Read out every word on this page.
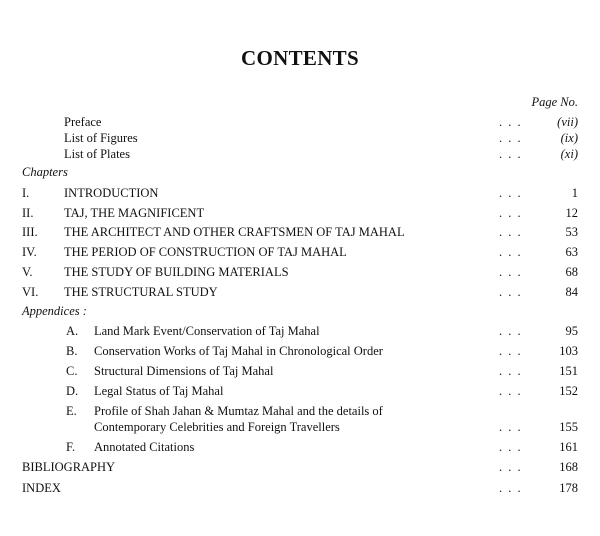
CONTENTS
Page No.
Preface	. . .	(vii)
List of Figures	. . .	(ix)
List of Plates	. . .	(xi)
Chapters
I.	INTRODUCTION	. . .	1
II. TAJ, THE MAGNIFICENT	. . .	12
III. THE ARCHITECT AND OTHER CRAFTSMEN OF TAJ MAHAL	. . .	53
IV. THE PERIOD OF CONSTRUCTION OF TAJ MAHAL	. . .	63
V.	THE STUDY OF BUILDING MATERIALS	. . .	68
VI. THE STRUCTURAL STUDY	. . .	84
Appendices :
A. Land Mark Event/Conservation of Taj Mahal	. . .	95
B. Conservation Works of Taj Mahal in Chronological Order	. . .	103
C. Structural Dimensions of Taj Mahal	. . .	151
D. Legal Status of Taj Mahal	. . .	152
E. Profile of Shah Jahan & Mumtaz Mahal and the details of
Contemporary Celebrities and Foreign Travellers	. . .	155
F. Annotated Citations	. . .	161
BIBLIOGRAPHY	. . .	168
INDEX	. . .	178
